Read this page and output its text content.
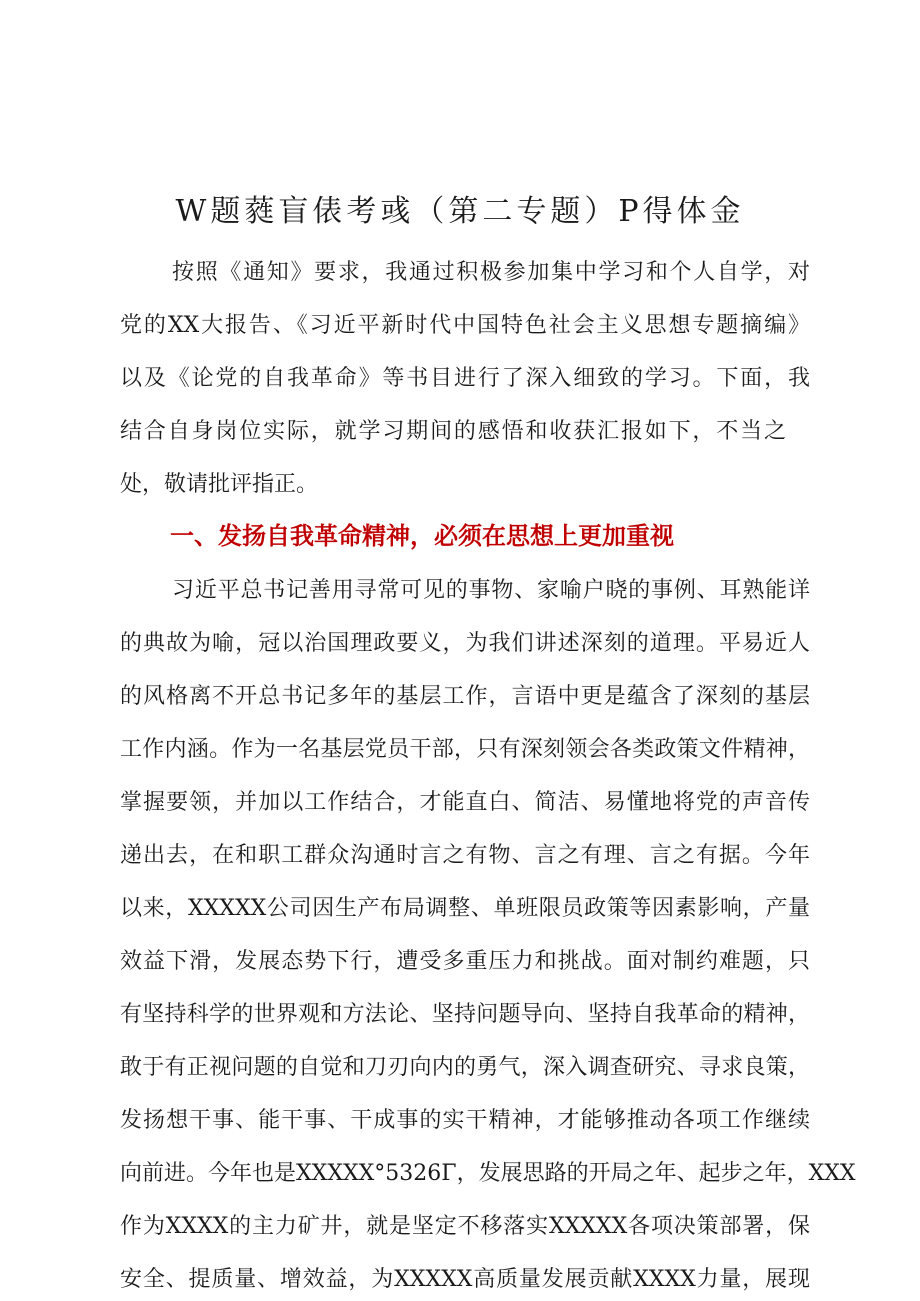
W题蕤盲俵考彧（第二专题）P得体金
按照《通知》要求，我通过积极参加集中学习和个人自学，对
党的XX大报告、《习近平新时代中国特色社会主义思想专题摘编》
以及《论党的自我革命》等书目进行了深入细致的学习。下面，我
结合自身岗位实际，就学习期间的感悟和收获汇报如下，不当之
处，敬请批评指正。
一、发扬自我革命精神，必须在思想上更加重视
习近平总书记善用寻常可见的事物、家喻户晓的事例、耳熟能详
的典故为喻，冠以治国理政要义，为我们讲述深刻的道理。平易近人
的风格离不开总书记多年的基层工作，言语中更是蕴含了深刻的基层
工作内涵。作为一名基层党员干部，只有深刻领会各类政策文件精神，
掌握要领，并加以工作结合，才能直白、简洁、易懂地将党的声音传
递出去，在和职工群众沟通时言之有物、言之有理、言之有据。今年
以来，XXXXX公司因生产布局调整、单班限员政策等因素影响，产量
效益下滑，发展态势下行，遭受多重压力和挑战。面对制约难题，只
有坚持科学的世界观和方法论、坚持问题导向、坚持自我革命的精神，
敢于有正视问题的自觉和刀刃向内的勇气，深入调查研究、寻求良策，
发扬想干事、能干事、干成事的实干精神，才能够推动各项工作继续
向前进。今年也是XXXXX°5326Γ，发展思路的开局之年、起步之年，XXX
作为XXXX的主力矿井，就是坚定不移落实XXXXX各项决策部署，保
安全、提质量、增效益，为XXXXX高质量发展贡献XXXX力量，展现
